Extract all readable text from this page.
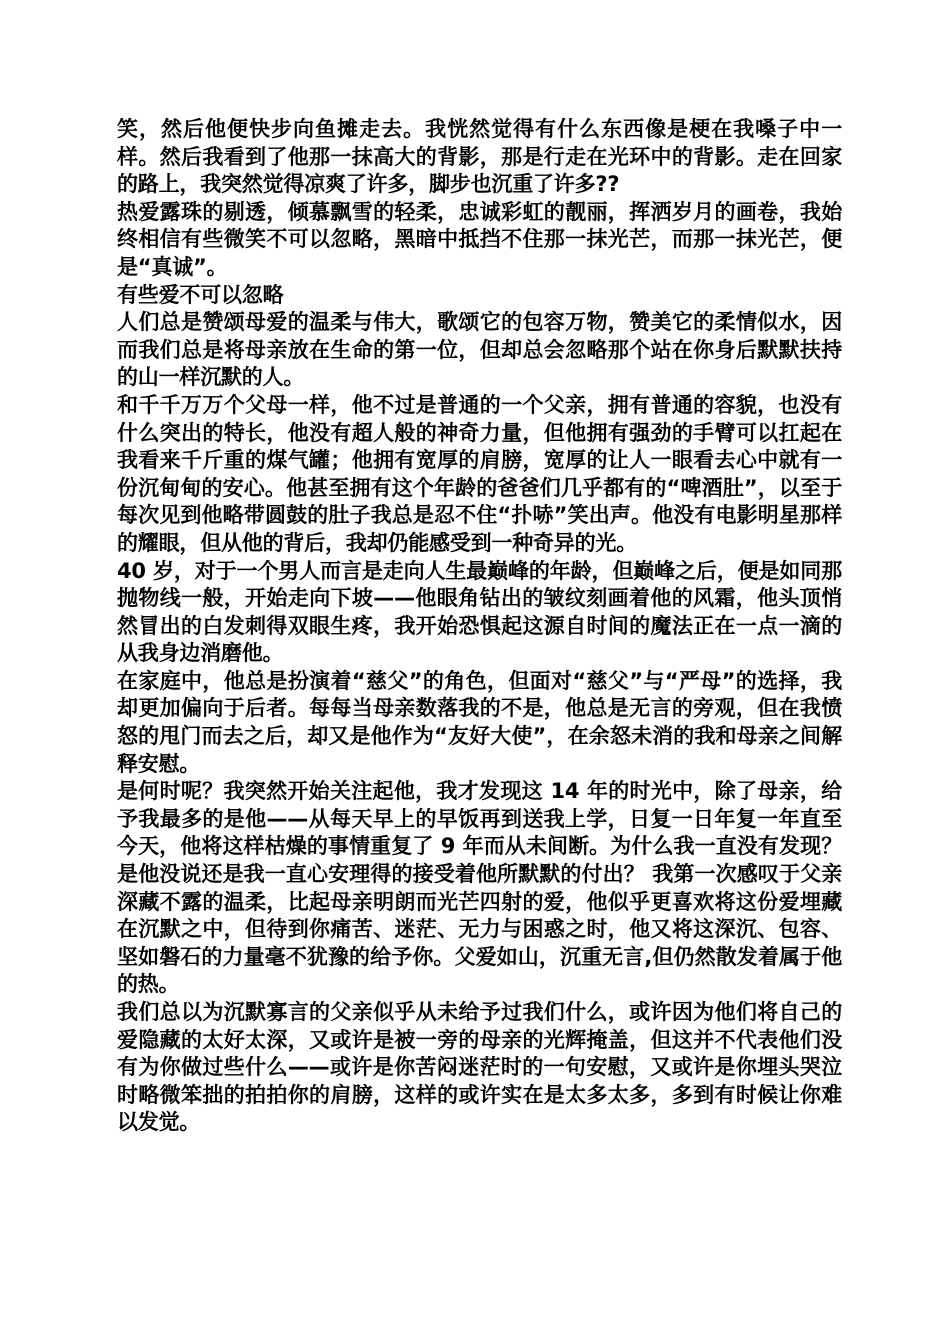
笑，然后他便快步向鱼摊走去。我恍然觉得有什么东西像是梗在我嗓子中一样。然后我看到了他那一抹高大的背影，那是行走在光环中的背影。走在回家的路上，我突然觉得凉爽了许多，脚步也沉重了许多??

热爱露珠的剔透，倾慕飘雪的轻柔，忠诚彩虹的靓丽，挥洒岁月的画卷，我始终相信有些微笑不可以忽略，黑暗中抵挡不住那一抹光芒，而那一抹光芒，便是“真诚”。

有些爱不可以忽略

人们总是赞颂母爱的温柔与伟大，歌颂它的包容万物，赞美它的柔情似水，因而我们总是将母亲放在生命的第一位，但却总会忽略那个站在你身后默默扶持的山一样沉默的人。

和千千万万个父母一样，他不过是普通的一个父亲，拥有普通的容貌，也没有什么突出的特长，他没有超人般的神奇力量，但他拥有强劲的手臂可以扛起在我看来千斤重的煤气罐；他拥有宽厚的肩膀，宽厚的让人一眼看去心中就有一份沉甸甸的安心。他甚至拥有这个年龄的爸爸们几乎都有的“啤酒肚”，以至于每次见到他略带圆鼓的肚子我总是忍不住“扑哧”笑出声。他没有电影明星那样的耀眼，但从他的背后，我却仍能感受到一种奇异的光。

40 岁，对于一个男人而言是走向人生最巅峰的年龄，但巅峰之后，便是如同那抛物线一般，开始走向下坡——他眼角钻出的皱纹刻画着他的风霜，他头顶悄然冒出的白发刺得双眼生疼，我开始恐惧起这源自时间的魔法正在一点一滴的从我身边消磨他。

在家庭中，他总是扮演着“慈父”的角色，但面对“慈父”与“严母”的选择，我却更加偏向于后者。每每当母亲数落我的不是，他总是无言的旁观，但在我愤怒的甩门而去之后，却又是他作为“友好大使”，在余怒未消的我和母亲之间解释安慰。

是何时呢？我突然开始关注起他，我才发现这 14 年的时光中，除了母亲，给予我最多的是他——从每天早上的早饭再到送我上学，日复一日年复一年直至今天，他将这样枯燥的事情重复了 9 年而从未间断。为什么我一直没有发现？是他没说还是我一直心安理得的接受着他所默默的付出？ 我第一次感叹于父亲深藏不露的温柔，比起母亲明朗而光芒四射的爱，他似乎更喜欢将这份爱埋藏在沉默之中，但待到你痛苦、迷茫、无力与困惑之时，他又将这深沉、包容、坚如磐石的力量毫不犹豫的给予你。父爱如山，沉重无言,但仍然散发着属于他的热。

我们总以为沉默寡言的父亲似乎从未给予过我们什么，或许因为他们将自己的爱隐藏的太好太深，又或许是被一旁的母亲的光辉掩盖，但这并不代表他们没有为你做过些什么——或许是你苦闷迷茫时的一句安慰，又或许是你埋头哭泣时略微笨拙的拍拍你的肩膀，这样的或许实在是太多太多，多到有时候让你难以发觉。
